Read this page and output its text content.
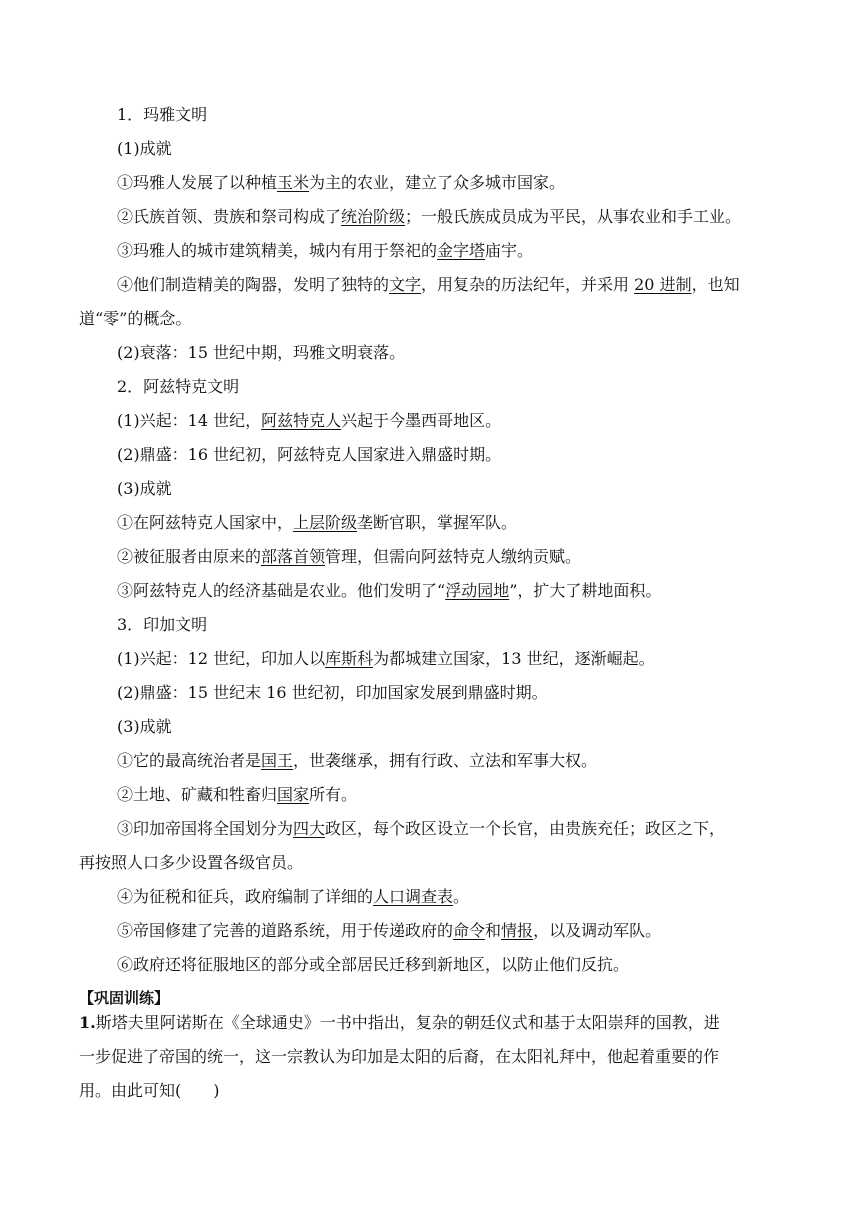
1．玛雅文明
(1)成就
①玛雅人发展了以种植玉米为主的农业，建立了众多城市国家。
②氏族首领、贵族和祭司构成了统治阶级；一般氏族成员成为平民，从事农业和手工业。
③玛雅人的城市建筑精美，城内有用于祭祀的金字塔庙宇。
④他们制造精美的陶器，发明了独特的文字，用复杂的历法纪年，并采用 20 进制，也知
道“零”的概念。
(2)衰落：15 世纪中期，玛雅文明衰落。
2．阿兹特克文明
(1)兴起：14 世纪，阿兹特克人兴起于今墨西哥地区。
(2)鼎盛：16 世纪初，阿兹特克人国家进入鼎盛时期。
(3)成就
①在阿兹特克人国家中，上层阶级垄断官职，掌握军队。
②被征服者由原来的部落首领管理，但需向阿兹特克人缴纳贡赋。
③阿兹特克人的经济基础是农业。他们发明了“浮动园地”，扩大了耕地面积。
3．印加文明
(1)兴起：12 世纪，印加人以库斯科为都城建立国家，13 世纪，逐渐崛起。
(2)鼎盛：15 世纪末 16 世纪初，印加国家发展到鼎盛时期。
(3)成就
①它的最高统治者是国王，世袭继承，拥有行政、立法和军事大权。
②土地、矿藏和牲畜归国家所有。
③印加帝国将全国划分为四大政区，每个政区设立一个长官，由贵族充任；政区之下，
再按照人口多少设置各级官员。
④为征税和征兵，政府编制了详细的人口调查表。
⑤帝国修建了完善的道路系统，用于传递政府的命令和情报，以及调动军队。
⑥政府还将征服地区的部分或全部居民迁移到新地区，以防止他们反抗。
【巩固训练】
1.斯塔夫里阿诺斯在《全球通史》一书中指出，复杂的朝廷仪式和基于太阳崇拜的国教，进
一步促进了帝国的统一，这一宗教认为印加是太阳的后裔，在太阳礼拜中，他起着重要的作
用。由此可知(　　)
